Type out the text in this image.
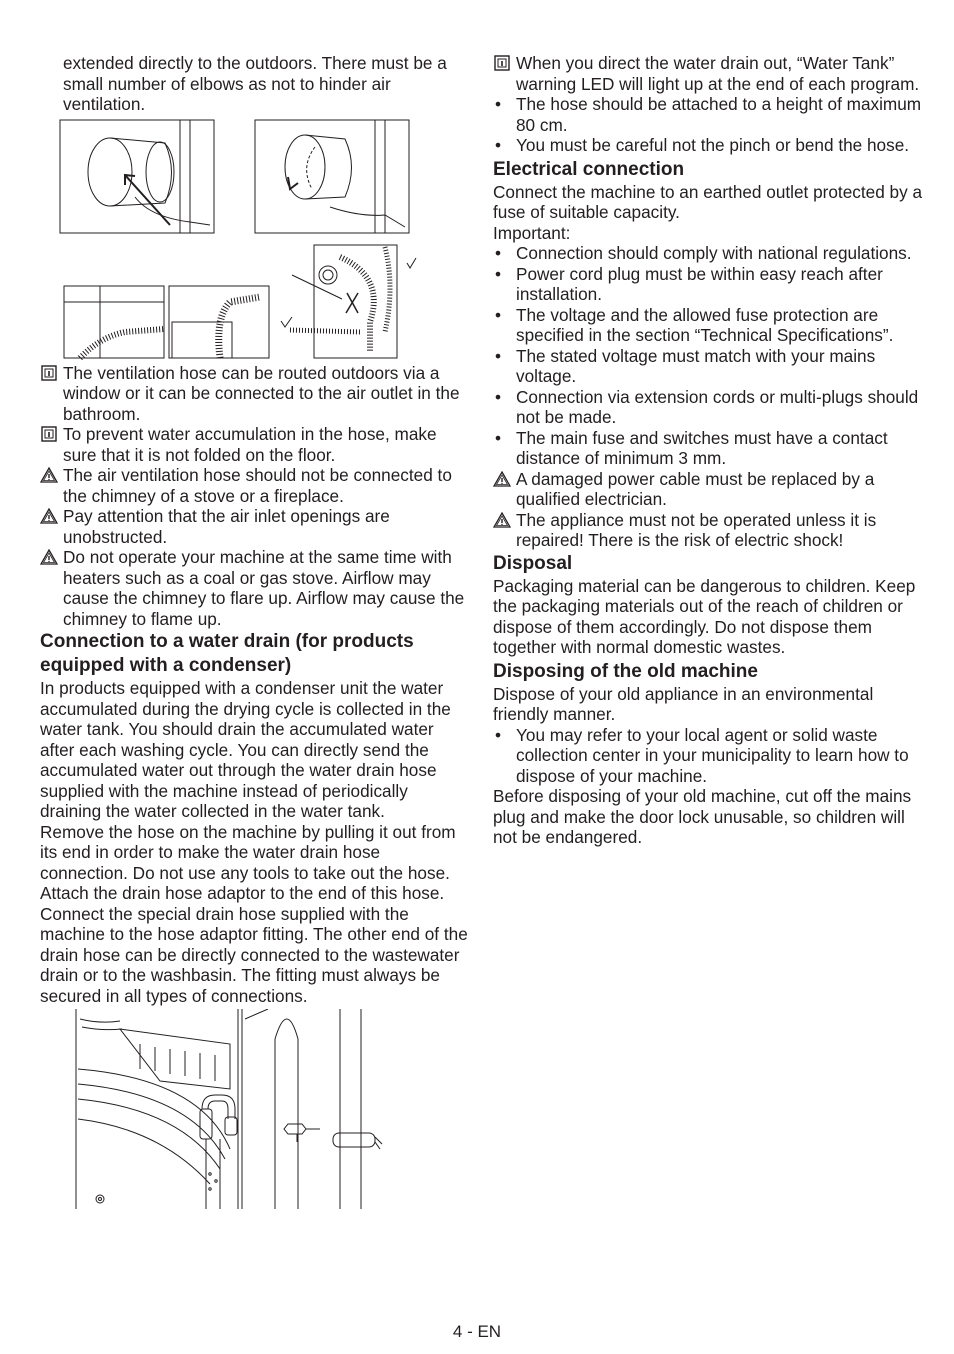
extended directly to the outdoors. There must be a small number of elbows as not to hinder air ventilation.

The ventilation hose can be routed outdoors via a window or it can be connected to the air outlet in the bathroom.

To prevent water accumulation in the hose, make sure that it is not folded on the floor.

The air ventilation hose should not be connected to the chimney of a stove or a fireplace.

Pay attention that the air inlet openings are unobstructed.

Do not operate your machine at the same time with heaters such as a coal or gas stove. Airflow may cause the chimney to flare up. Airflow may cause the chimney to flame up.

Connection to a water drain (for products equipped with a condenser)

In products equipped with a condenser unit the water accumulated during the drying cycle is collected in the water tank. You should drain the accumulated water after each washing cycle. You can directly send the accumulated water out through the water drain hose supplied with the machine instead of periodically draining the water collected in the water tank.

Remove the hose on the machine by pulling it out from its end in order to make the water drain hose connection. Do not use any tools to take out the hose. Attach the drain hose adaptor to the end of this hose. Connect the special drain hose supplied with the machine to the hose adaptor fitting. The other end of the drain hose can be directly connected to the wastewater drain or to the washbasin. The fitting must always be secured in all types of connections.

When you direct the water drain out, “Water Tank” warning LED will light up at the end of each program.

• The hose should be attached to a height of maximum 80 cm.
• You must be careful not the pinch or bend the hose.
Electrical connection

Connect the machine to an earthed outlet protected by a fuse of suitable capacity.

Important:

• Connection should comply with national regulations.
• Power cord plug must be within easy reach after installation.
• The voltage and the allowed fuse protection are specified in the section “Technical Specifications”.
• The stated voltage must match with your mains voltage.
• Connection via extension cords or multi-plugs should not be made.
• The main fuse and switches must have a contact distance of minimum 3 mm.

A damaged power cable must be replaced by a qualified electrician.

The appliance must not be operated unless it is repaired! There is the risk of electric shock!

Disposal

Packaging material can be dangerous to children. Keep the packaging materials out of the reach of children or dispose of them accordingly. Do not dispose them together with normal domestic wastes.

Disposing of the old machine

Dispose of your old appliance in an environmental friendly manner.

• You may refer to your local agent or solid waste collection center in your municipality to learn how to dispose of your machine.

Before disposing of your old machine, cut off the mains plug and make the door lock unusable, so children will not be endangered.

4 - EN
